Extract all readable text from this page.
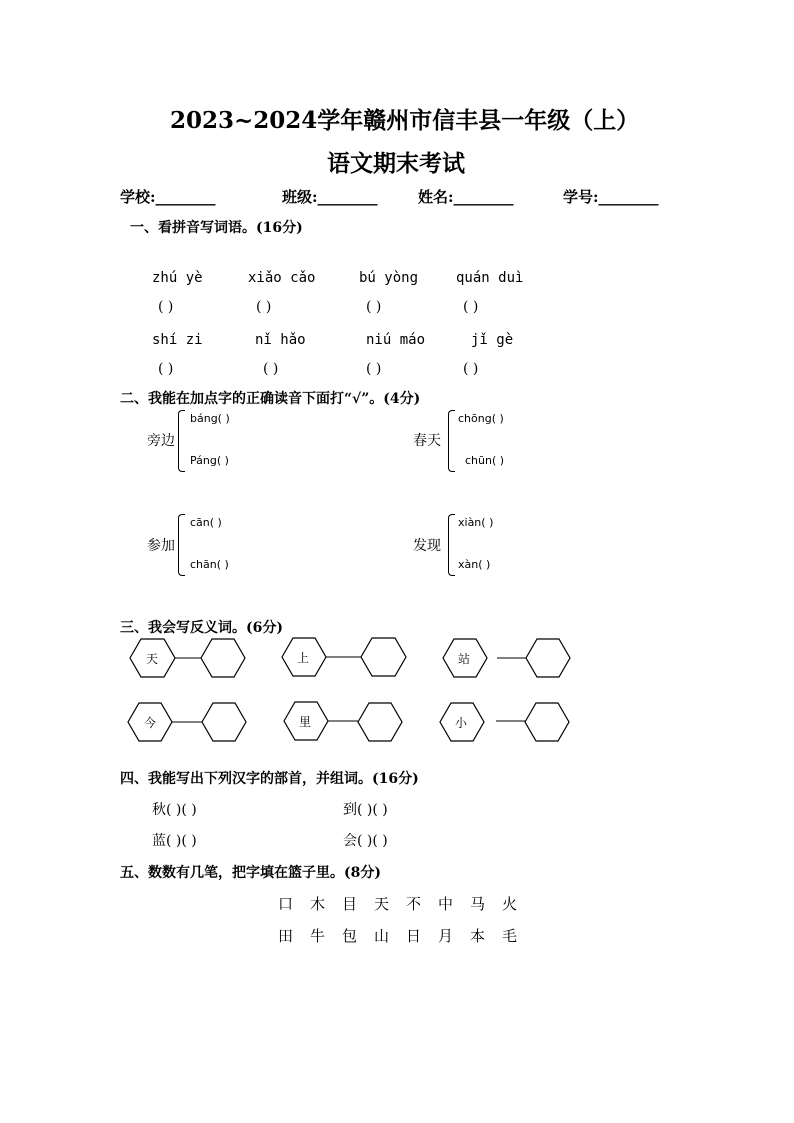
2023~2024学年赣州市信丰县一年级（上）
语文期末考试
学校:________	班级:________	姓名:________	学号:________
一、看拼音写词语。(16分)
zhú yè	xiǎo cǎo	bú yòng	quán duì
( )	( )	( )	( )
shí zi	nǐ hǎo	niú máo	jǐ gè
( )	( )	( )	( )
二、我能在加点字的正确读音下面打“√”。(4分)
旁边
báng( )
Páng( )
春天
chōng( )
chūn( )
参加
cān( )
chān( )
发现
xiàn( )
xàn( )
三、我会写反义词。(6分)
天	上	站
今	里	小
四、我能写出下列汉字的部首，并组词。(16分)
秋( )( )	到( )( )
蓝( )( )	会( )( )
五、数数有几笔，把字填在篮子里。(8分)
口 木 目 天 不 中 马 火
田 牛 包 山 日 月 本 毛
